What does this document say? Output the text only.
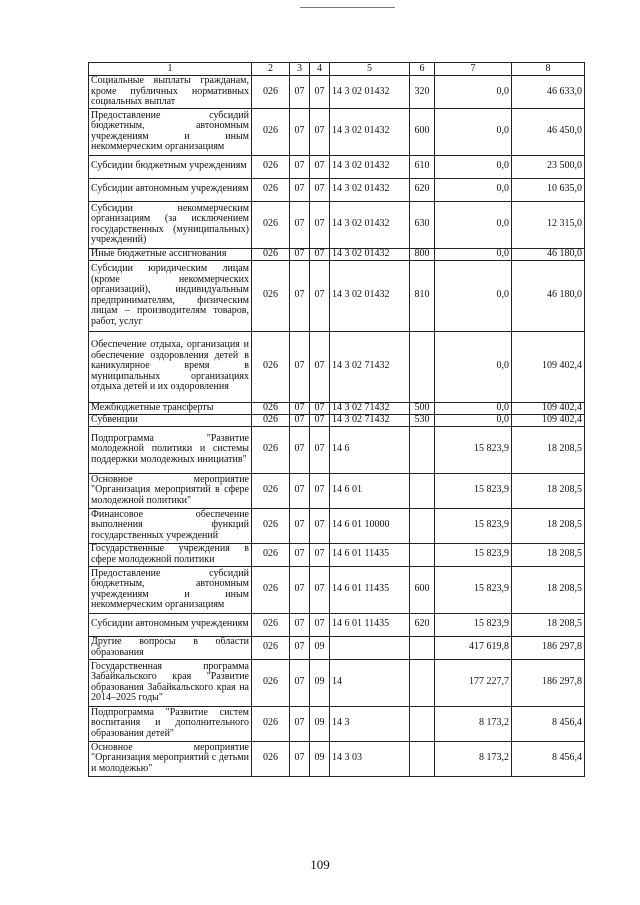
1	2	3	4	5	6	7	8
Социальные выплаты гражданам, кроме публичных нормативных социальных выплат	026	07	07	14 3 02 01432	320	0,0	46 633,0
Предоставление субсидий бюджетным, автономным учреждениям и иным некоммерческим организациям	026	07	07	14 3 02 01432	600	0,0	46 450,0
Субсидии бюджетным учреждениям	026	07	07	14 3 02 01432	610	0,0	23 500,0
Субсидии автономным учреждениям	026	07	07	14 3 02 01432	620	0,0	10 635,0
Субсидии некоммерческим организациям (за исключением государственных (муниципальных) учреждений)	026	07	07	14 3 02 01432	630	0,0	12 315,0
Иные бюджетные ассигнования	026	07	07	14 3 02 01432	800	0,0	46 180,0
Субсидии юридическим лицам (кроме некоммерческих организаций), индивидуальным предпринимателям, физическим лицам – производителям товаров, работ, услуг	026	07	07	14 3 02 01432	810	0,0	46 180,0
Обеспечение отдыха, организация и обеспечение оздоровления детей в каникулярное время в муниципальных организациях отдыха детей и их оздоровления	026	07	07	14 3 02 71432		0,0	109 402,4
Межбюджетные трансферты	026	07	07	14 3 02 71432	500	0,0	109 402,4
Субвенции	026	07	07	14 3 02 71432	530	0,0	109 402,4
Подпрограмма "Развитие молодежной политики и системы поддержки молодежных инициатив"	026	07	07	14 6		15 823,9	18 208,5
Основное мероприятие "Организация мероприятий в сфере молодежной политики"	026	07	07	14 6 01		15 823,9	18 208,5
Финансовое обеспечение выполнения функций государственных учреждений	026	07	07	14 6 01 10000		15 823,9	18 208,5
Государственные учреждения в сфере молодежной политики	026	07	07	14 6 01 11435		15 823,9	18 208,5
Предоставление субсидий бюджетным, автономным учреждениям и иным некоммерческим организациям	026	07	07	14 6 01 11435	600	15 823,9	18 208,5
Субсидии автономным учреждениям	026	07	07	14 6 01 11435	620	15 823,9	18 208,5
Другие вопросы в области образования	026	07	09			417 619,8	186 297,8
Государственная программа Забайкальского края "Развитие образования Забайкальского края на 2014–2025 годы"	026	07	09	14		177 227,7	186 297,8
Подпрограмма "Развитие систем воспитания и дополнительного образования детей"	026	07	09	14 3		8 173,2	8 456,4
Основное мероприятие "Организация мероприятий с детьми и молодежью"	026	07	09	14 3 03		8 173,2	8 456,4
109
